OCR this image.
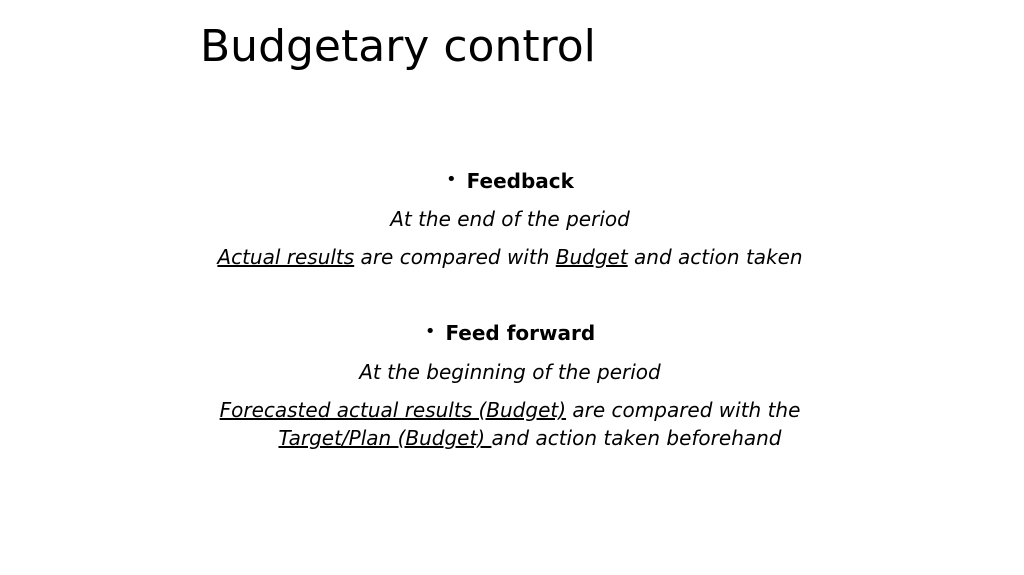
Budgetary control
• Feedback
At the end of the period
Actual results are compared with Budget and action taken
• Feed forward
At the beginning of the period
Forecasted actual results (Budget) are compared with the
Target/Plan (Budget) and action taken beforehand
